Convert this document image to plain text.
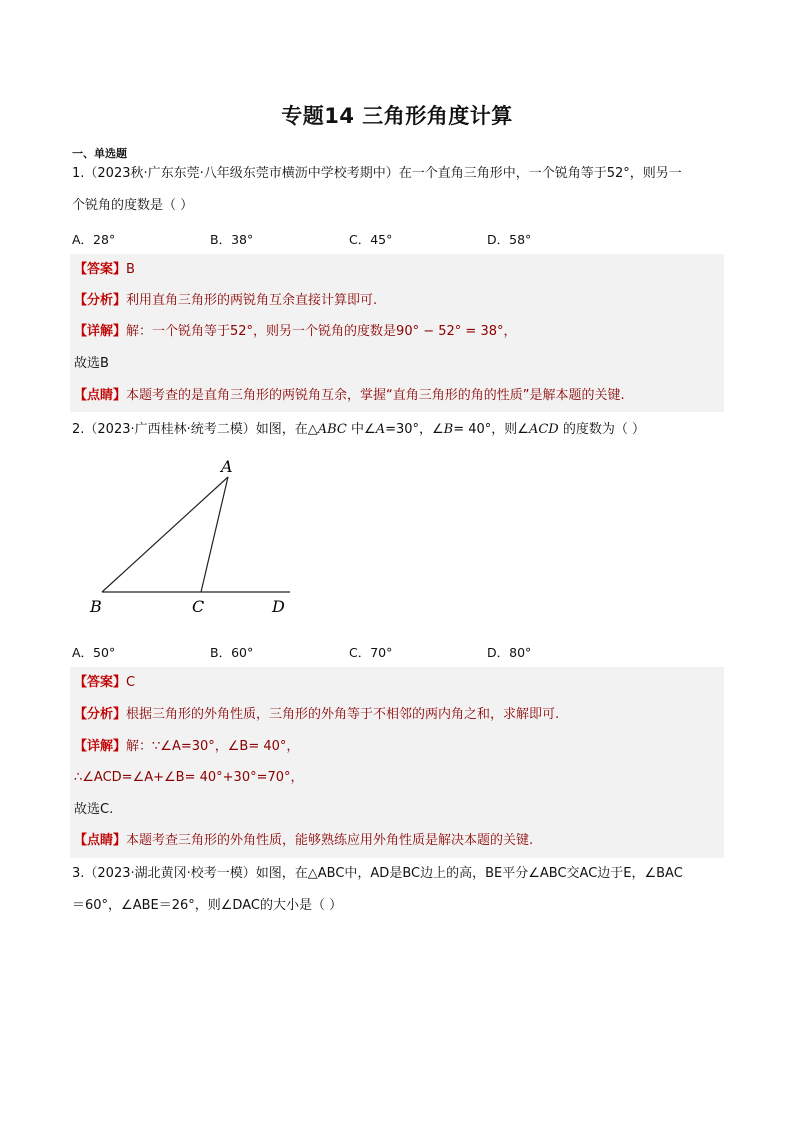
专题14 三角形角度计算
一、单选题
1.（2023秋·广东东莞·八年级东莞市横沥中学校考期中）在一个直角三角形中，一个锐角等于52°，则另一
个锐角的度数是（ ）
A．28°	B．38°	C．45°	D．58°
【答案】B
【分析】利用直角三角形的两锐角互余直接计算即可.
【详解】解：一个锐角等于52°，则另一个锐角的度数是90° − 52° = 38°，
故选B
【点睛】本题考查的是直角三角形的两锐角互余，掌握“直角三角形的角的性质”是解本题的关键.
2.（2023·广西桂林·统考二模）如图，在△ABC 中∠A=30°，∠B= 40°，则∠ACD 的度数为（ ）
A
B	C	D
A．50°	B．60°	C．70°	D．80°
【答案】C
【分析】根据三角形的外角性质，三角形的外角等于不相邻的两内角之和，求解即可.
【详解】解：∵∠A=30°，∠B= 40°，
∴∠ACD=∠A+∠B= 40°+30°=70°，
故选C.
【点睛】本题考查三角形的外角性质，能够熟练应用外角性质是解决本题的关键.
3.（2023·湖北黄冈·校考一模）如图，在△ABC中，AD是BC边上的高，BE平分∠ABC交AC边于E，∠BAC
＝60°，∠ABE＝26°，则∠DAC的大小是（ ）
